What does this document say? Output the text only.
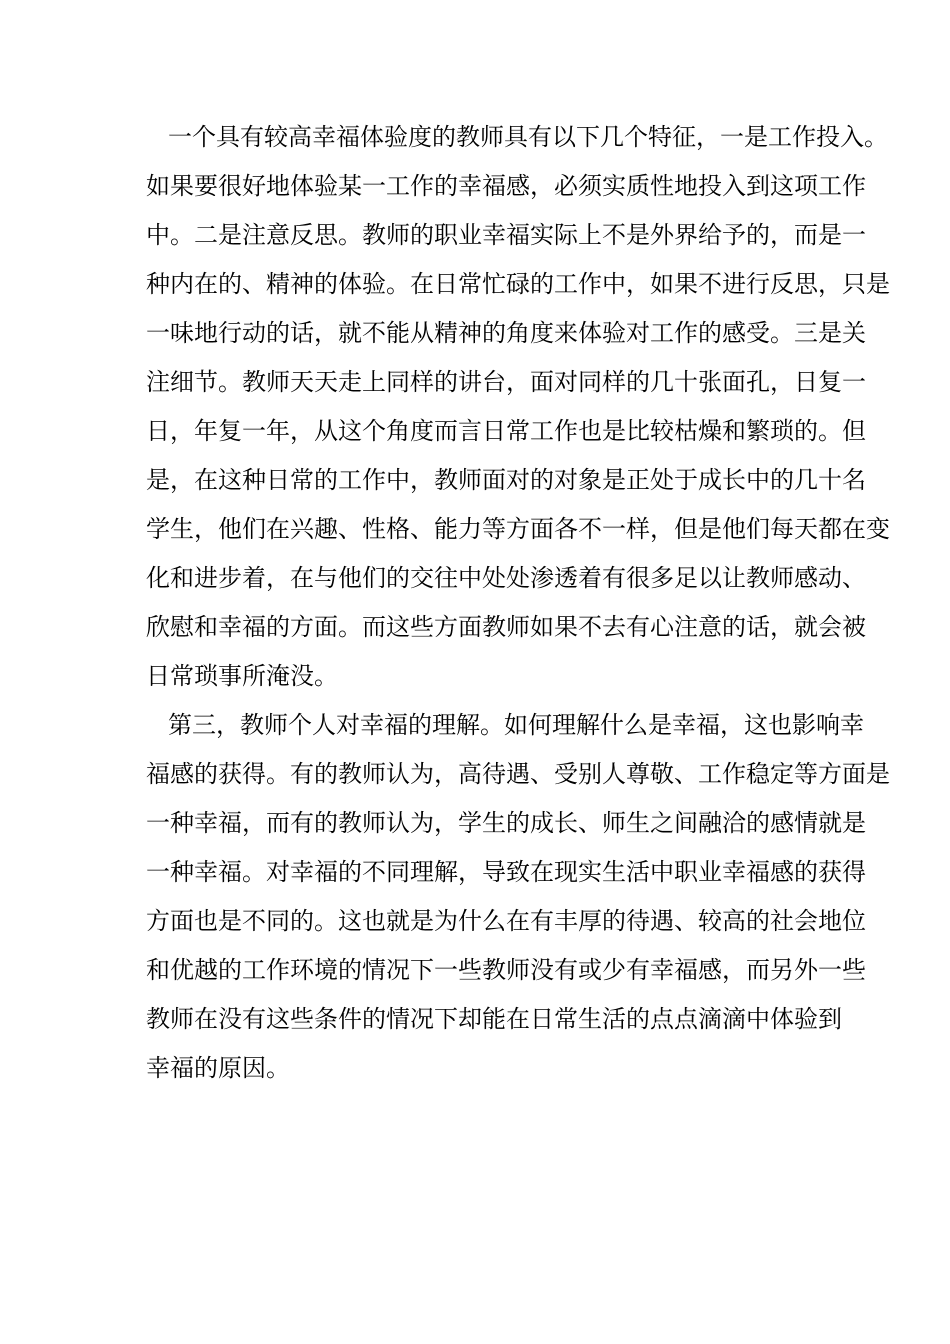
一个具有较高幸福体验度的教师具有以下几个特征，一是工作投入。

如果要很好地体验某一工作的幸福感，必须实质性地投入到这项工作

中。二是注意反思。教师的职业幸福实际上不是外界给予的，而是一

种内在的、精神的体验。在日常忙碌的工作中，如果不进行反思，只是

一味地行动的话，就不能从精神的角度来体验对工作的感受。三是关

注细节。教师天天走上同样的讲台，面对同样的几十张面孔，日复一

日，年复一年，从这个角度而言日常工作也是比较枯燥和繁琐的。但

是，在这种日常的工作中，教师面对的对象是正处于成长中的几十名

学生，他们在兴趣、性格、能力等方面各不一样，但是他们每天都在变

化和进步着，在与他们的交往中处处渗透着有很多足以让教师感动、

欣慰和幸福的方面。而这些方面教师如果不去有心注意的话，就会被

日常琐事所淹没。

第三，教师个人对幸福的理解。如何理解什么是幸福，这也影响幸

福感的获得。有的教师认为，高待遇、受别人尊敬、工作稳定等方面是

一种幸福，而有的教师认为，学生的成长、师生之间融洽的感情就是

一种幸福。对幸福的不同理解，导致在现实生活中职业幸福感的获得

方面也是不同的。这也就是为什么在有丰厚的待遇、较高的社会地位

和优越的工作环境的情况下一些教师没有或少有幸福感，而另外一些

教师在没有这些条件的情况下却能在日常生活的点点滴滴中体验到

幸福的原因。
